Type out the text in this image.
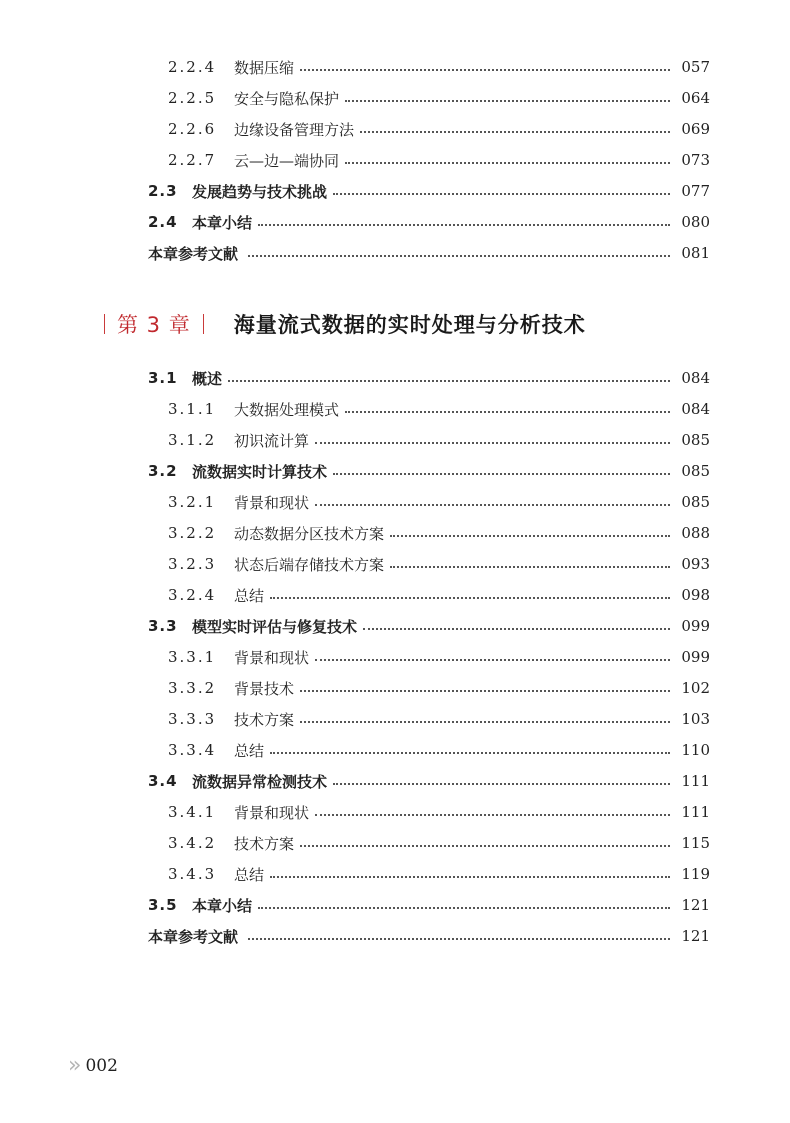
2.2.4	数据压缩	057
2.2.5	安全与隐私保护	064
2.2.6	边缘设备管理方法	069
2.2.7	云—边—端协同	073
2.3 发展趋势与技术挑战	077
2.4 本章小结	080
本章参考文献	081
第 3 章	海量流式数据的实时处理与分析技术
3.1 概述	084
3.1.1	大数据处理模式	084
3.1.2	初识流计算	085
3.2 流数据实时计算技术	085
3.2.1	背景和现状	085
3.2.2	动态数据分区技术方案	088
3.2.3	状态后端存储技术方案	093
3.2.4	总结	098
3.3 模型实时评估与修复技术	099
3.3.1	背景和现状	099
3.3.2	背景技术	102
3.3.3	技术方案	103
3.3.4	总结	110
3.4 流数据异常检测技术	111
3.4.1	背景和现状	111
3.4.2	技术方案	115
3.4.3	总结	119
3.5 本章小结	121
本章参考文献	121
» 002
